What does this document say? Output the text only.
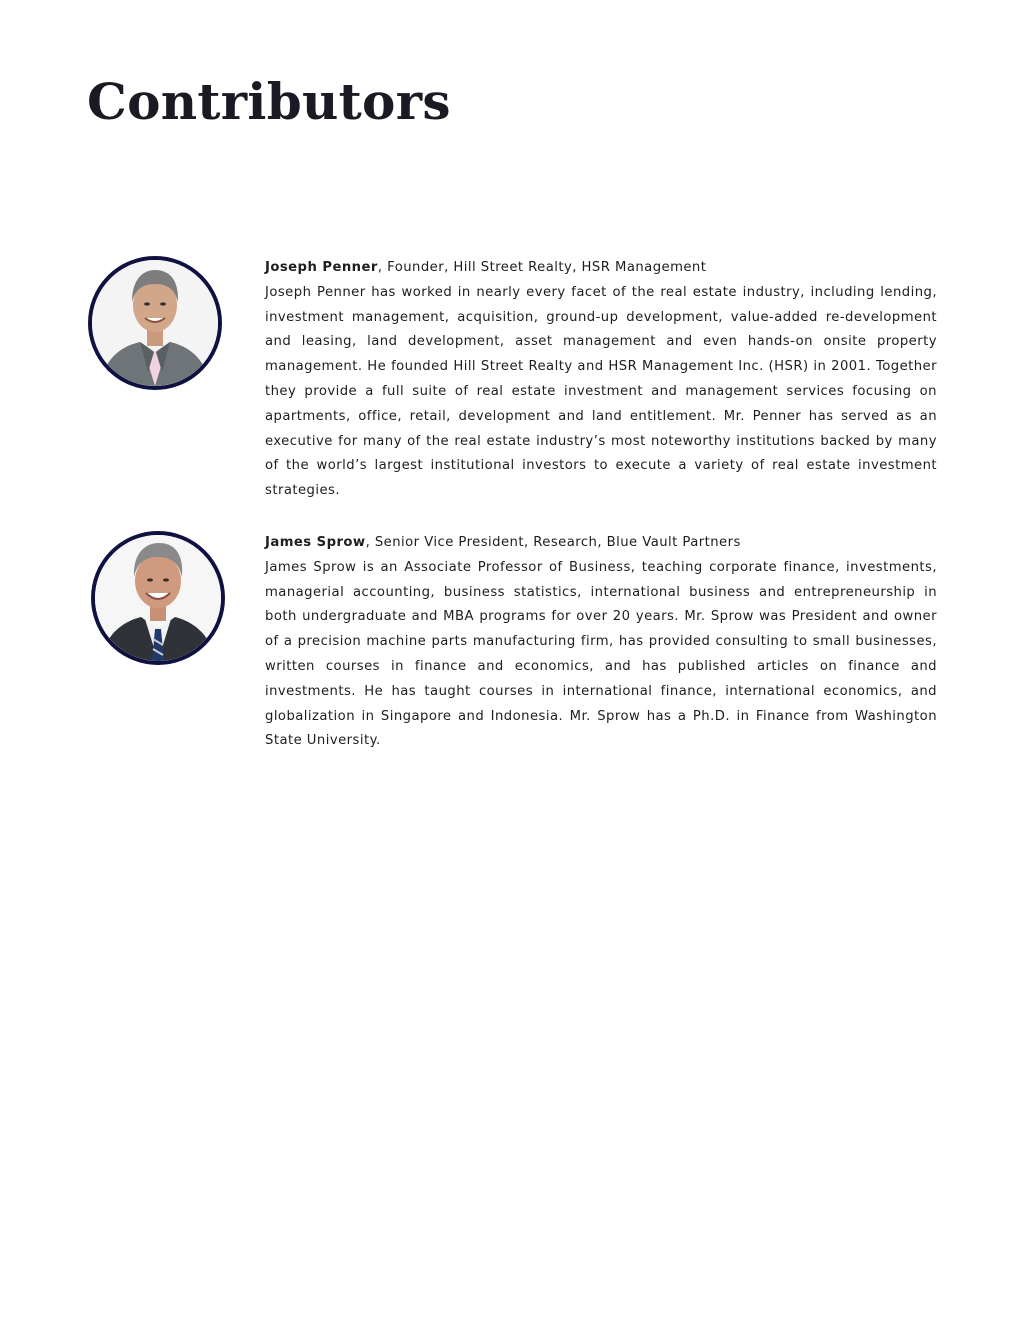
Contributors
Joseph Penner, Founder, Hill Street Realty, HSR Management
Joseph Penner has worked in nearly every facet of the real estate industry, including lending, investment management, acquisition, ground-up development, value-added re-development and leasing, land development, asset management and even hands-on onsite property management. He founded Hill Street Realty and HSR Management Inc. (HSR) in 2001. Together they provide a full suite of real estate investment and management services focusing on apartments, office, retail, development and land entitlement. Mr. Penner has served as an executive for many of the real estate industry’s most noteworthy institutions backed by many of the world’s largest institutional investors to execute a variety of real estate investment strategies.
James Sprow, Senior Vice President, Research, Blue Vault Partners
James Sprow is an Associate Professor of Business, teaching corporate finance, investments, managerial accounting, business statistics, international business and entrepreneurship in both undergraduate and MBA programs for over 20 years. Mr. Sprow was President and owner of a precision machine parts manufacturing firm, has provided consulting to small businesses, written courses in finance and economics, and has published articles on finance and investments. He has taught courses in international finance, international economics, and globalization in Singapore and Indonesia. Mr. Sprow has a Ph.D. in Finance from Washington State University.
